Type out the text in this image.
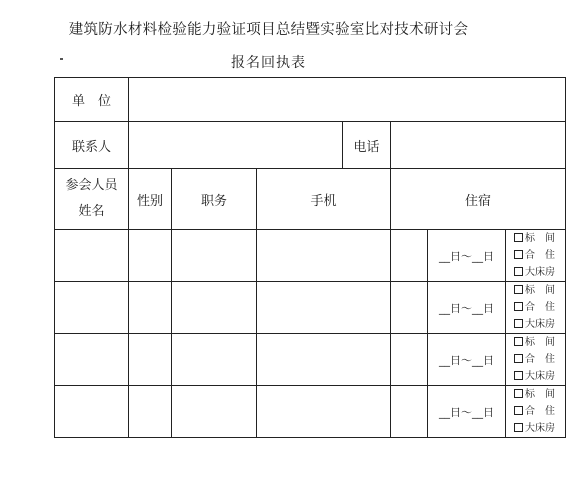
建筑防水材料检验能力验证项目总结暨实验室比对技术研讨会
报名回执表
单　位							
联系人				电话			

参会人员
姓名	性别	职务	手机		住宿		
						__日～__日	标　间
合　住
大床房

						__日～__日	标　间
合　住
大床房

						__日～__日	标　间
合　住
大床房

						__日～__日	标　间
合　住
大床房
